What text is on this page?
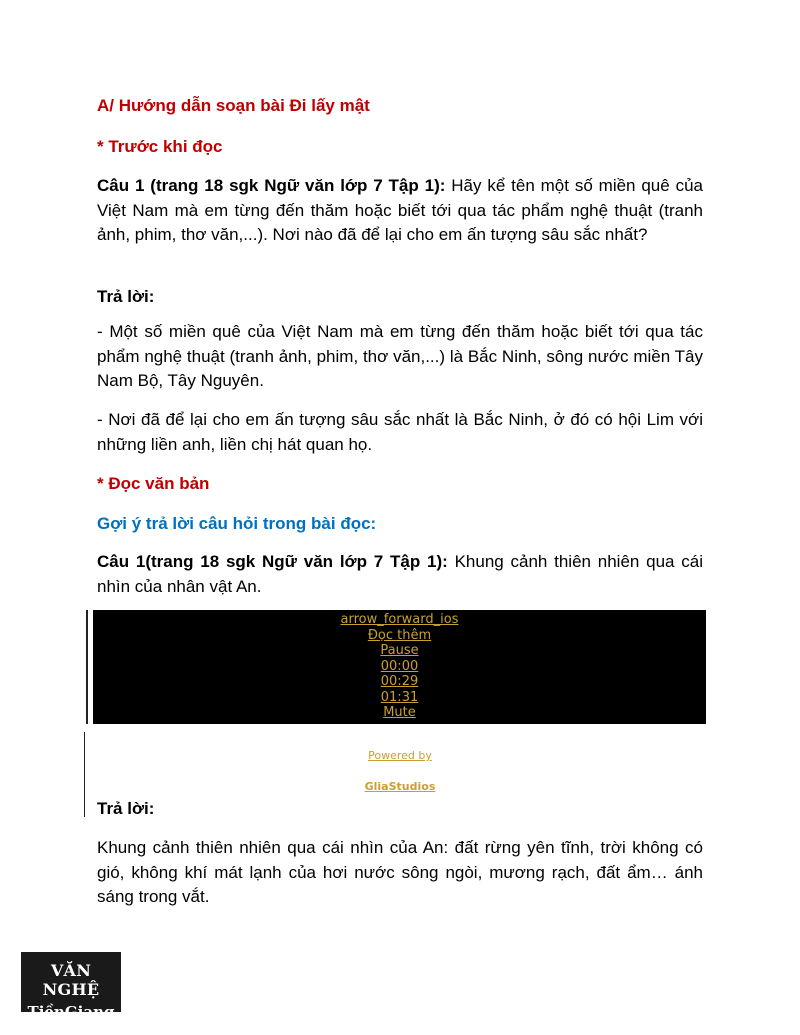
A/ Hướng dẫn soạn bài Đi lấy mật
* Trước khi đọc
Câu 1 (trang 18 sgk Ngữ văn lớp 7 Tập 1): Hãy kể tên một số miền quê của Việt Nam mà em từng đến thăm hoặc biết tới qua tác phẩm nghệ thuật (tranh ảnh, phim, thơ văn,...). Nơi nào đã để lại cho em ấn tượng sâu sắc nhất?
Trả lời:
- Một số miền quê của Việt Nam mà em từng đến thăm hoặc biết tới qua tác phẩm nghệ thuật (tranh ảnh, phim, thơ văn,...) là Bắc Ninh, sông nước miền Tây Nam Bộ, Tây Nguyên.
- Nơi đã để lại cho em ấn tượng sâu sắc nhất là Bắc Ninh, ở đó có hội Lim với những liền anh, liền chị hát quan họ.
* Đọc văn bản
Gợi ý trả lời câu hỏi trong bài đọc:
Câu 1(trang 18 sgk Ngữ văn lớp 7 Tập 1): Khung cảnh thiên nhiên qua cái nhìn của nhân vật An.
Trả lời:
Khung cảnh thiên nhiên qua cái nhìn của An: đất rừng yên tĩnh, trời không có gió, không khí mát lạnh của hơi nước sông ngòi, mương rạch, đất ẩm… ánh sáng trong vắt.
arrow_forward_ios
Đọc thêm
Pause
00:00
00:29
01:31
Mute
Powered by
GliaStudios
VĂN NGHỆ
TiềnGiang
